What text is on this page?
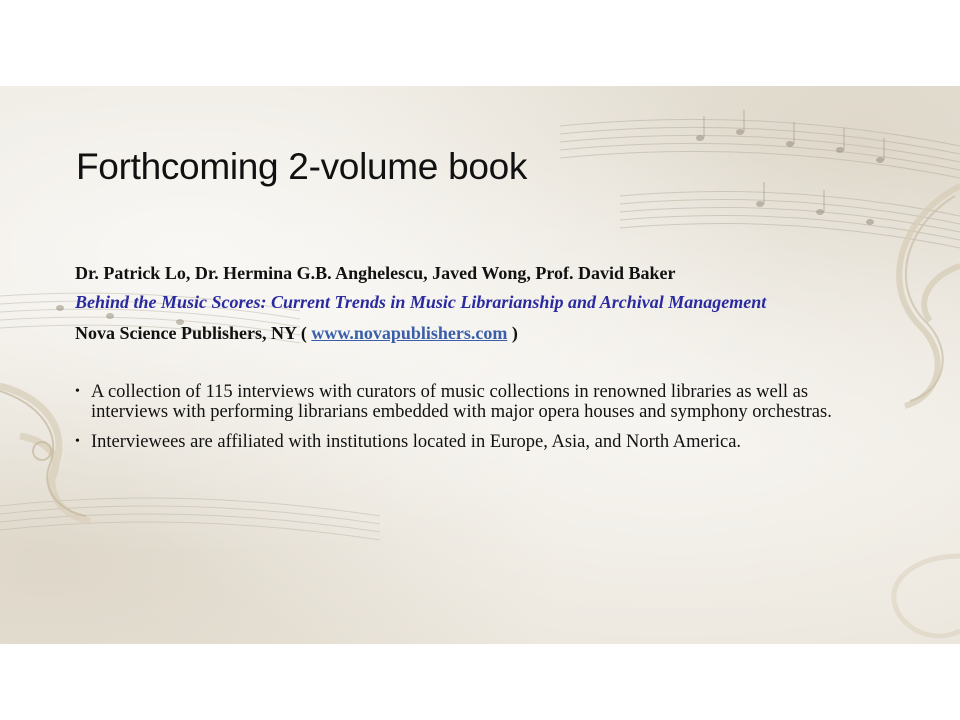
Forthcoming 2-volume book

Dr. Patrick Lo, Dr. Hermina G.B. Anghelescu, Javed Wong, Prof. David Baker

Behind the Music Scores: Current Trends in Music Librarianship and Archival Management

Nova Science Publishers, NY ( www.novapublishers.com )

• A collection of 115 interviews with curators of music collections in renowned libraries as well as interviews with performing librarians embedded with major opera houses and symphony orchestras.
• Interviewees are affiliated with institutions located in Europe, Asia, and North America.
